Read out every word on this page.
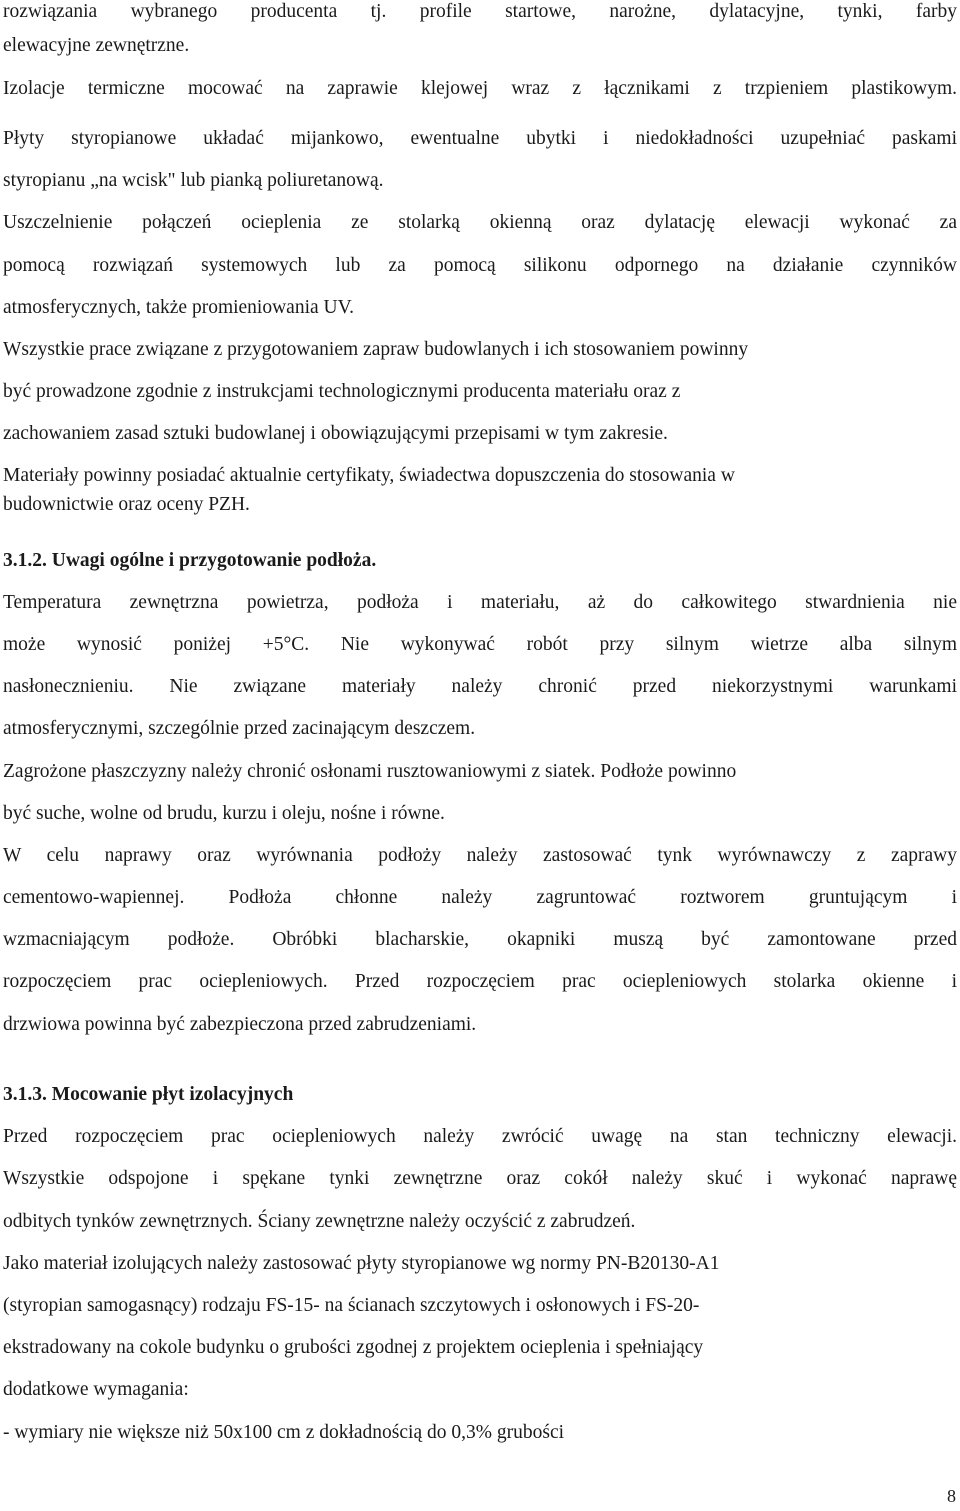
rozwiązania wybranego producenta tj. profile startowe, narożne, dylatacyjne, tynki, farby
elewacyjne zewnętrzne.
Izolacje termiczne mocować na zaprawie klejowej wraz z łącznikami z trzpieniem plastikowym.
Płyty styropianowe układać mijankowo, ewentualne ubytki i niedokładności uzupełniać paskami
styropianu „na wcisk" lub pianką poliuretanową.
Uszczelnienie połączeń ocieplenia ze stolarką okienną oraz dylatację elewacji wykonać za
pomocą rozwiązań systemowych lub za pomocą silikonu odpornego na działanie czynników
atmosferycznych, także promieniowania UV.
Wszystkie prace związane z przygotowaniem zapraw budowlanych i ich stosowaniem powinny
być prowadzone zgodnie z instrukcjami technologicznymi producenta materiału oraz z
zachowaniem zasad sztuki budowlanej i obowiązującymi przepisami w tym zakresie.
Materiały powinny posiadać aktualnie certyfikaty, świadectwa dopuszczenia do stosowania w
budownictwie oraz oceny PZH.
3.1.2. Uwagi ogólne i przygotowanie podłoża.
Temperatura zewnętrzna powietrza, podłoża i materiału, aż do całkowitego stwardnienia nie
może wynosić poniżej +5°C. Nie wykonywać robót przy silnym wietrze alba silnym
nasłonecznieniu. Nie związane materiały należy chronić przed niekorzystnymi warunkami
atmosferycznymi, szczególnie przed zacinającym deszczem.
Zagrożone płaszczyzny należy chronić osłonami rusztowaniowymi z siatek. Podłoże powinno
być suche, wolne od brudu, kurzu i oleju, nośne i równe.
W celu naprawy oraz wyrównania podłoży należy zastosować tynk wyrównawczy z zaprawy
cementowo-wapiennej. Podłoża chłonne należy zagruntować roztworem gruntującym i
wzmacniającym podłoże. Obróbki blacharskie, okapniki muszą być zamontowane przed
rozpoczęciem prac ociepleniowych. Przed rozpoczęciem prac ociepleniowych stolarka okienne i
drzwiowa powinna być zabezpieczona przed zabrudzeniami.
3.1.3. Mocowanie płyt izolacyjnych
Przed rozpoczęciem prac ociepleniowych należy zwrócić uwagę na stan techniczny elewacji.
Wszystkie odspojone i spękane tynki zewnętrzne oraz cokół należy skuć i wykonać naprawę
odbitych tynków zewnętrznych. Ściany zewnętrzne należy oczyścić z zabrudzeń.
Jako materiał izolujących należy zastosować płyty styropianowe wg normy PN-B20130-A1
(styropian samogasnący) rodzaju FS-15- na ścianach szczytowych i osłonowych i FS-20-
ekstradowany na cokole budynku o grubości zgodnej z projektem ocieplenia i spełniający
dodatkowe wymagania:
- wymiary nie większe niż 50x100 cm z dokładnością do 0,3% grubości
8
